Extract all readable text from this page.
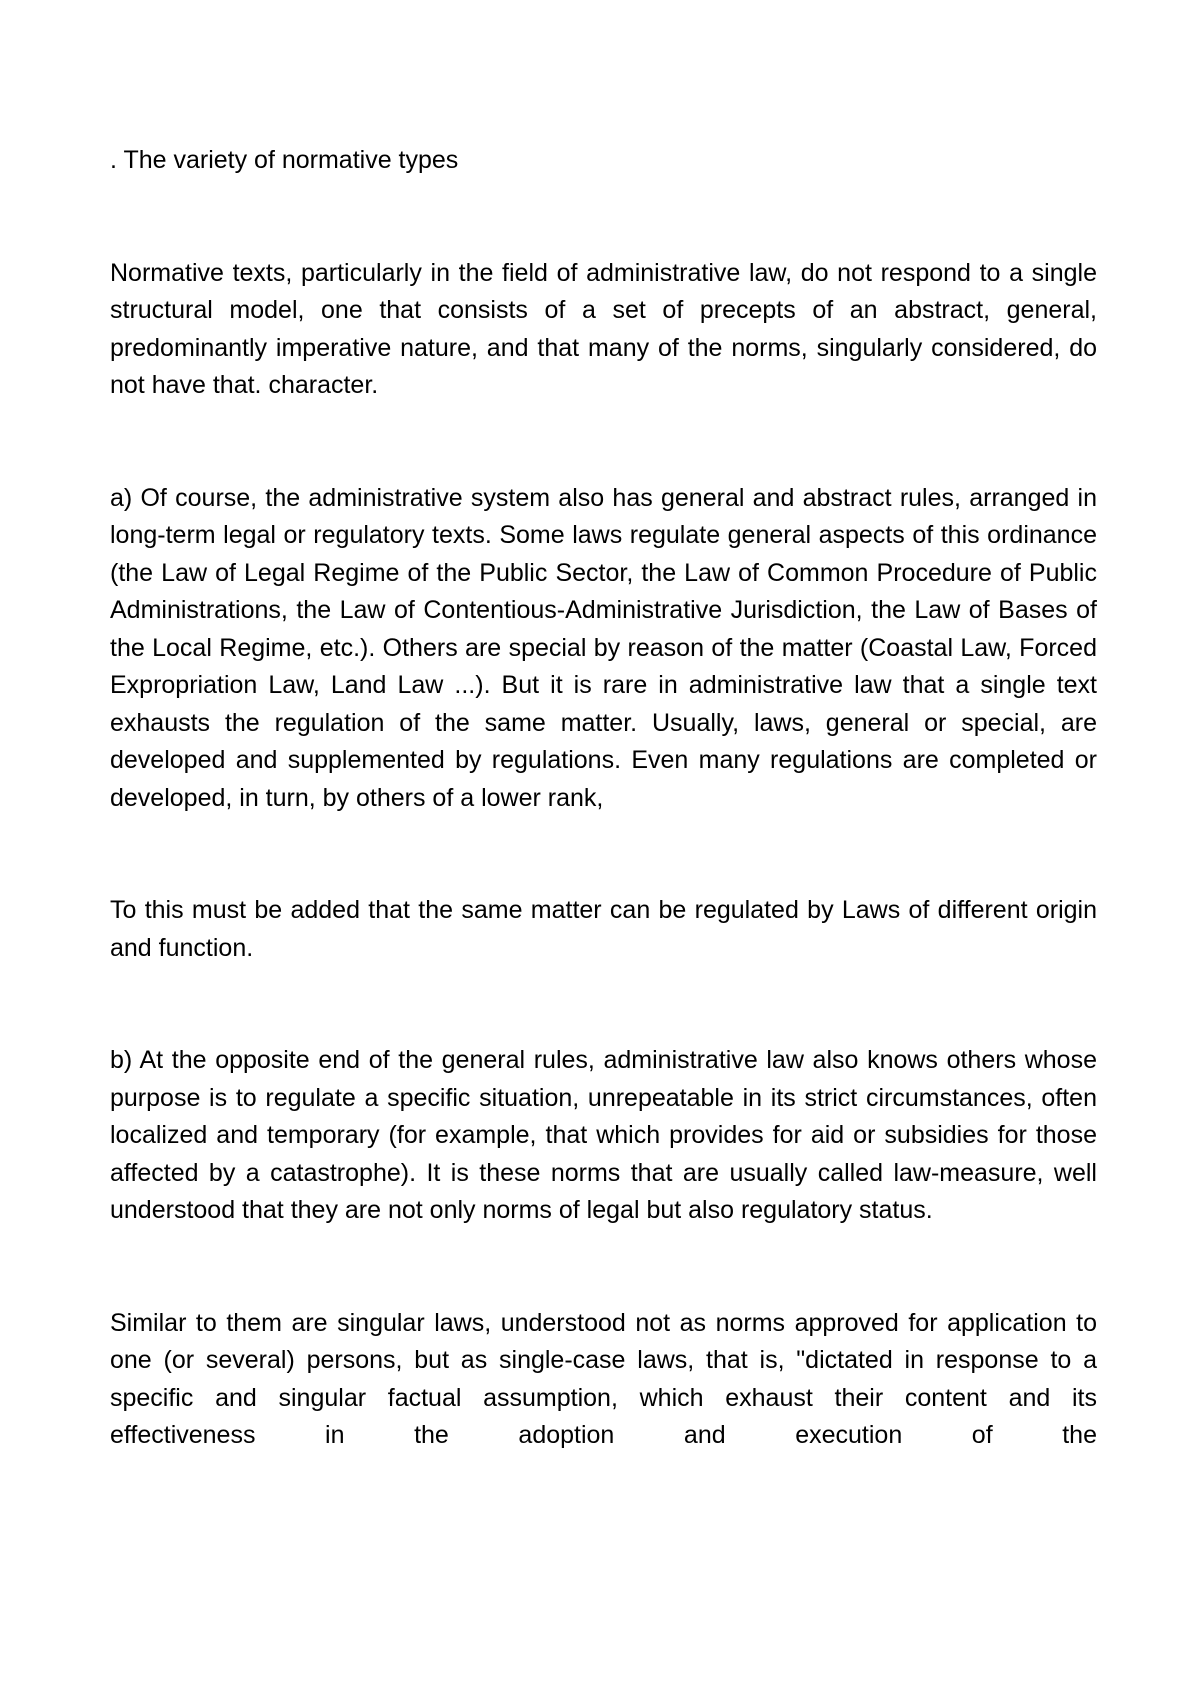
. The variety of normative types

Normative texts, particularly in the field of administrative law, do not respond to a single structural model, one that consists of a set of precepts of an abstract, general, predominantly imperative nature, and that many of the norms, singularly considered, do not have that. character.

a) Of course, the administrative system also has general and abstract rules, arranged in long-term legal or regulatory texts. Some laws regulate general aspects of this ordinance (the Law of Legal Regime of the Public Sector, the Law of Common Procedure of Public Administrations, the Law of Contentious-Administrative Jurisdiction, the Law of Bases of the Local Regime, etc.). Others are special by reason of the matter (Coastal Law, Forced Expropriation Law, Land Law ...). But it is rare in administrative law that a single text exhausts the regulation of the same matter. Usually, laws, general or special, are developed and supplemented by regulations. Even many regulations are completed or developed, in turn, by others of a lower rank,

To this must be added that the same matter can be regulated by Laws of different origin and function.

b) At the opposite end of the general rules, administrative law also knows others whose purpose is to regulate a specific situation, unrepeatable in its strict circumstances, often localized and temporary (for example, that which provides for aid or subsidies for those affected by a catastrophe). It is these norms that are usually called law-measure, well understood that they are not only norms of legal but also regulatory status.

Similar to them are singular laws, understood not as norms approved for application to one (or several) persons, but as single-case laws, that is, "dictated in response to a specific and singular factual assumption, which exhaust their content and its effectiveness in the adoption and execution of the
